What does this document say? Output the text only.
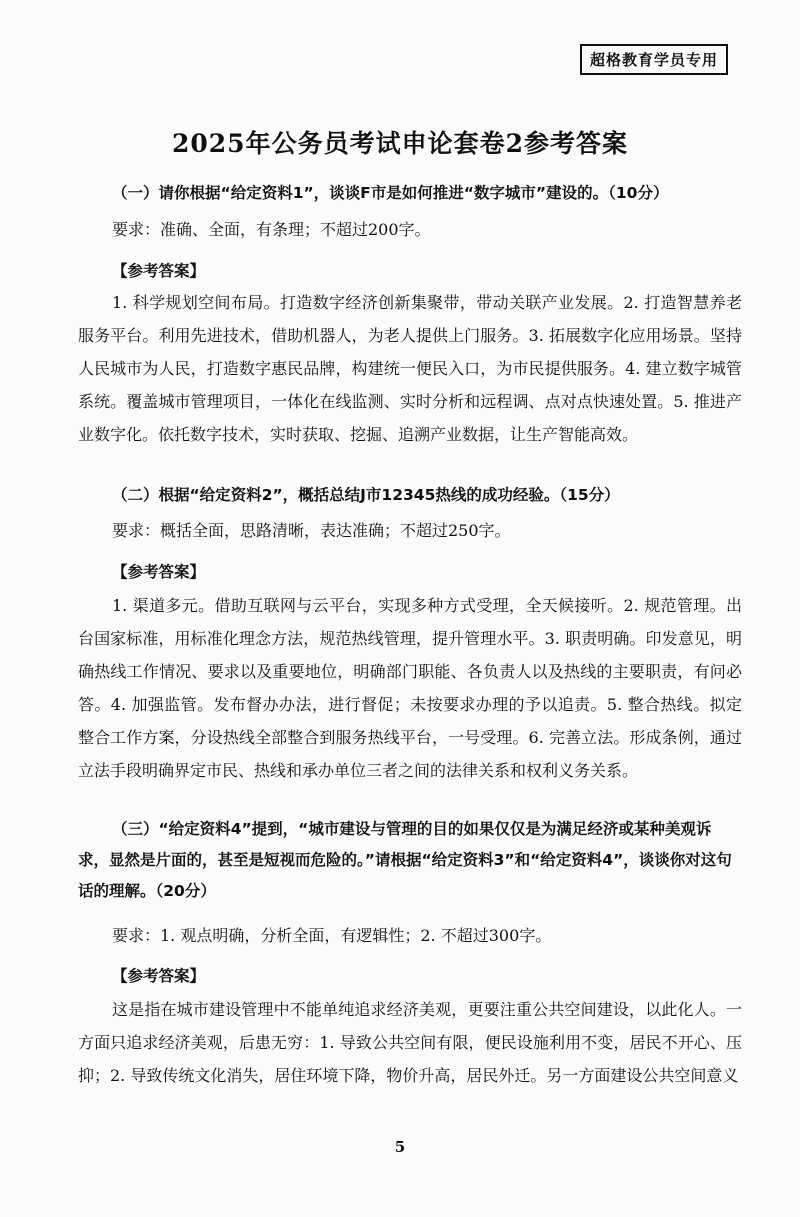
超格教育学员专用
2025年公务员考试申论套卷2参考答案
（一）请你根据“给定资料1”，谈谈F市是如何推进“数字城市”建设的。（10分）
要求：准确、全面，有条理；不超过200字。
【参考答案】
1. 科学规划空间布局。打造数字经济创新集聚带，带动关联产业发展。2. 打造智慧养老服务平台。利用先进技术，借助机器人，为老人提供上门服务。3. 拓展数字化应用场景。坚持人民城市为人民，打造数字惠民品牌，构建统一便民入口，为市民提供服务。4. 建立数字城管系统。覆盖城市管理项目，一体化在线监测、实时分析和远程调、点对点快速处置。5. 推进产业数字化。依托数字技术，实时获取、挖掘、追溯产业数据，让生产智能高效。
（二）根据“给定资料2”，概括总结J市12345热线的成功经验。（15分）
要求：概括全面，思路清晰，表达准确；不超过250字。
【参考答案】
1. 渠道多元。借助互联网与云平台，实现多种方式受理，全天候接听。2. 规范管理。出台国家标准，用标准化理念方法，规范热线管理，提升管理水平。3. 职责明确。印发意见，明确热线工作情况、要求以及重要地位，明确部门职能、各负责人以及热线的主要职责，有问必答。4. 加强监管。发布督办办法，进行督促；未按要求办理的予以追责。5. 整合热线。拟定整合工作方案，分设热线全部整合到服务热线平台，一号受理。6. 完善立法。形成条例，通过立法手段明确界定市民、热线和承办单位三者之间的法律关系和权利义务关系。
（三）“给定资料4”提到，“城市建设与管理的目的如果仅仅是为满足经济或某种美观诉求，显然是片面的，甚至是短视而危险的。”请根据“给定资料3”和“给定资料4”，谈谈你对这句话的理解。（20分）
要求：1. 观点明确，分析全面，有逻辑性；2. 不超过300字。
【参考答案】
这是指在城市建设管理中不能单纯追求经济美观，更要注重公共空间建设，以此化人。一方面只追求经济美观，后患无穷：1. 导致公共空间有限，便民设施利用不变，居民不开心、压抑；2. 导致传统文化消失，居住环境下降，物价升高，居民外迁。另一方面建设公共空间意义
5
